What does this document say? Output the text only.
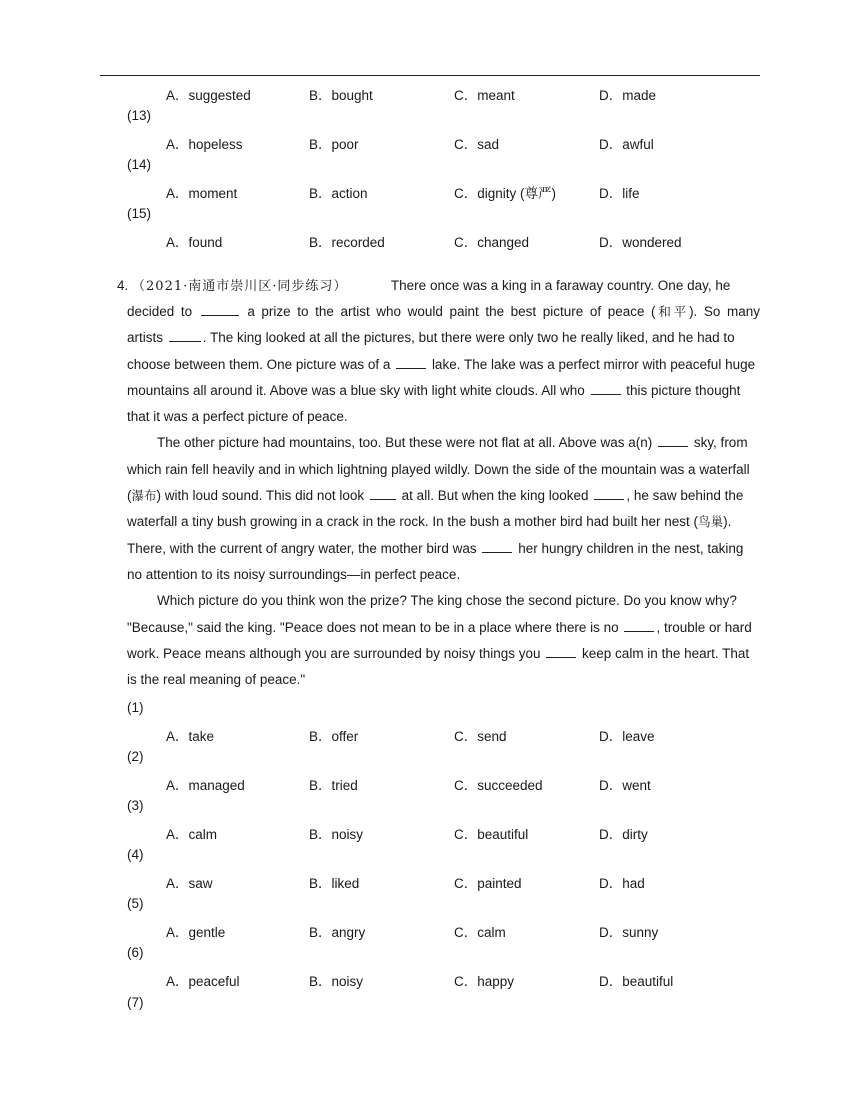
A．suggested	B．bought	C．meant	D．made
(13)
A．hopeless	B．poor	C．sad	D．awful
(14)
A．moment	B．action	C．dignity (尊严)	D．life
(15)
A．found	B．recorded	C．changed	D．wondered
4. （2021·南通市崇川区·同步练习）	There once was a king in a faraway country. One day, he
decided to	a prize to the artist who would paint the best picture of peace (和平). So many
artists	. The king looked at all the pictures, but there were only two he really liked, and he had to
choose between them. One picture was of a	lake. The lake was a perfect mirror with peaceful huge
mountains all around it. Above was a blue sky with light white clouds. All who	this picture thought
that it was a perfect picture of peace.
The other picture had mountains, too. But these were not flat at all. Above was a(n)	sky, from
which rain fell heavily and in which lightning played wildly. Down the side of the mountain was a waterfall
(瀑布) with loud sound. This did not look	at all. But when the king looked	, he saw behind the
waterfall a tiny bush growing in a crack in the rock. In the bush a mother bird had built her nest (鸟巢).
There, with the current of angry water, the mother bird was	her hungry children in the nest, taking
no attention to its noisy surroundings—in perfect peace.
Which picture do you think won the prize? The king chose the second picture. Do you know why?
"Because," said the king. "Peace does not mean to be in a place where there is no	, trouble or hard
work. Peace means although you are surrounded by noisy things you	keep calm in the heart. That
is the real meaning of peace."
(1)
A．take	B．offer	C．send	D．leave
(2)
A．managed	B．tried	C．succeeded	D．went
(3)
A．calm	B．noisy	C．beautiful	D．dirty
(4)
A．saw	B．liked	C．painted	D．had
(5)
A．gentle	B．angry	C．calm	D．sunny
(6)
A．peaceful	B．noisy	C．happy	D．beautiful
(7)
